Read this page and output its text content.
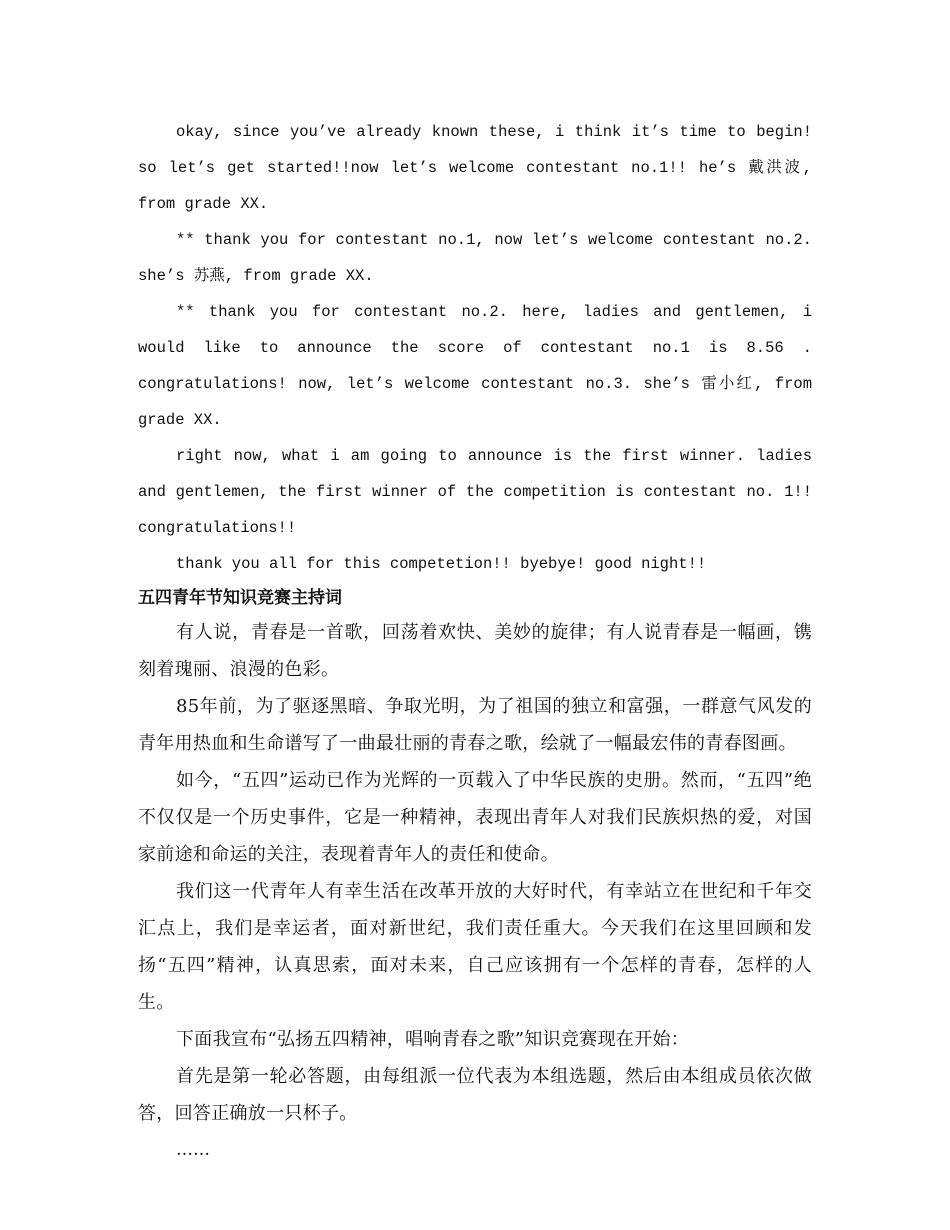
okay, since you’ve already known these, i think it’s time to begin! so let’s get started!!now let’s welcome contestant no.1!! he’s 戴洪波, from grade XX.

** thank you for contestant no.1, now let’s welcome contestant no.2. she’s 苏燕, from grade XX.

** thank you for contestant no.2. here, ladies and gentlemen, i would like to announce the score of contestant no.1 is 8.56 . congratulations! now, let’s welcome contestant no.3. she’s 雷小红, from grade XX.

right now, what i am going to announce is the first winner. ladies and gentlemen, the first winner of the competition is contestant no. 1!! congratulations!!

thank you all for this competetion!! byebye! good night!!

五四青年节知识竞赛主持词

有人说，青春是一首歌，回荡着欢快、美妙的旋律；有人说青春是一幅画，镌刻着瑰丽、浪漫的色彩。

85年前，为了驱逐黑暗、争取光明，为了祖国的独立和富强，一群意气风发的青年用热血和生命谱写了一曲最壮丽的青春之歌，绘就了一幅最宏伟的青春图画。

如今，“五四”运动已作为光辉的一页载入了中华民族的史册。然而，“五四”绝不仅仅是一个历史事件，它是一种精神，表现出青年人对我们民族炽热的爱，对国家前途和命运的关注，表现着青年人的责任和使命。

我们这一代青年人有幸生活在改革开放的大好时代，有幸站立在世纪和千年交汇点上，我们是幸运者，面对新世纪，我们责任重大。今天我们在这里回顾和发扬“五四”精神，认真思索，面对未来，自己应该拥有一个怎样的青春，怎样的人生。

下面我宣布“弘扬五四精神，唱响青春之歌”知识竞赛现在开始：

首先是第一轮必答题，由每组派一位代表为本组选题，然后由本组成员依次做答，回答正确放一只杯子。

……
